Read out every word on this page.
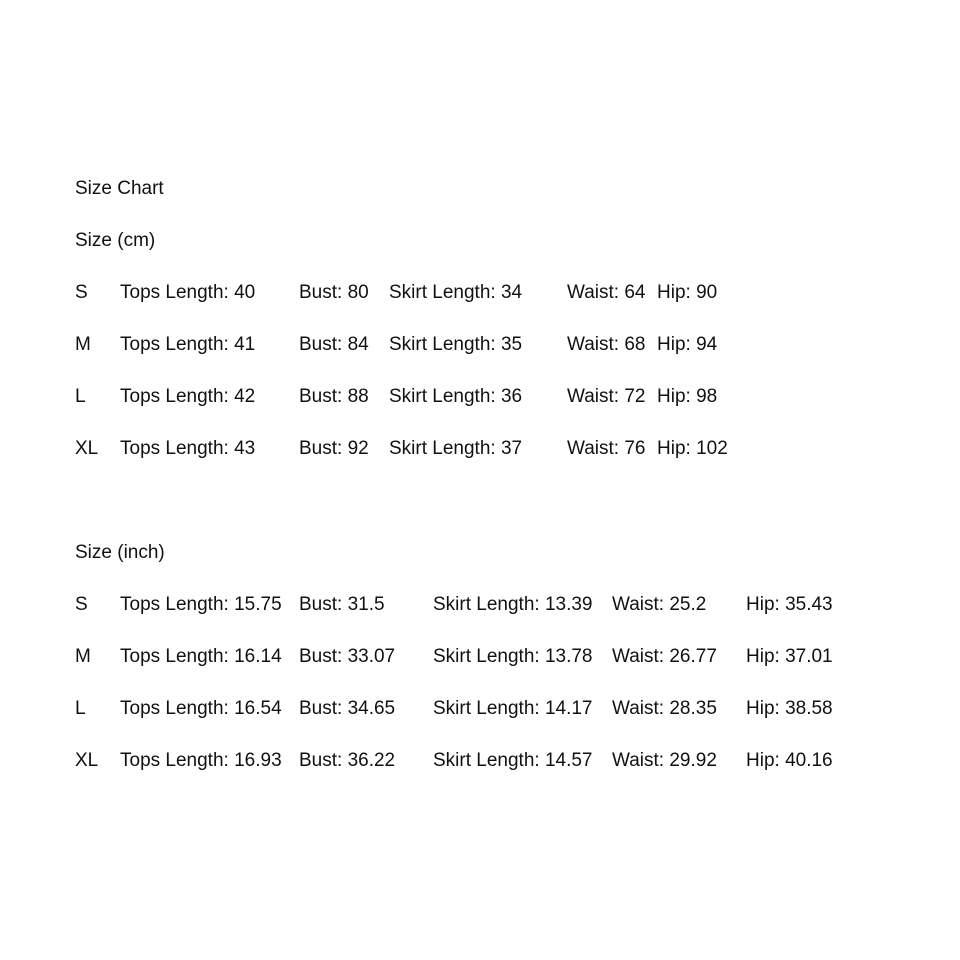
Size Chart
Size (cm)
S Tops Length: 40 Bust: 80 Skirt Length: 34 Waist: 64 Hip: 90
M Tops Length: 41 Bust: 84 Skirt Length: 35 Waist: 68 Hip: 94
L Tops Length: 42 Bust: 88 Skirt Length: 36 Waist: 72 Hip: 98
XL Tops Length: 43 Bust: 92 Skirt Length: 37 Waist: 76 Hip: 102
Size (inch)
S Tops Length: 15.75 Bust: 31.5	Skirt Length: 13.39 Waist: 25.2 Hip: 35.43
M Tops Length: 16.14 Bust: 33.07 Skirt Length: 13.78 Waist: 26.77 Hip: 37.01
L Tops Length: 16.54 Bust: 34.65 Skirt Length: 14.17 Waist: 28.35 Hip: 38.58
XL Tops Length: 16.93 Bust: 36.22 Skirt Length: 14.57 Waist: 29.92 Hip: 40.16
